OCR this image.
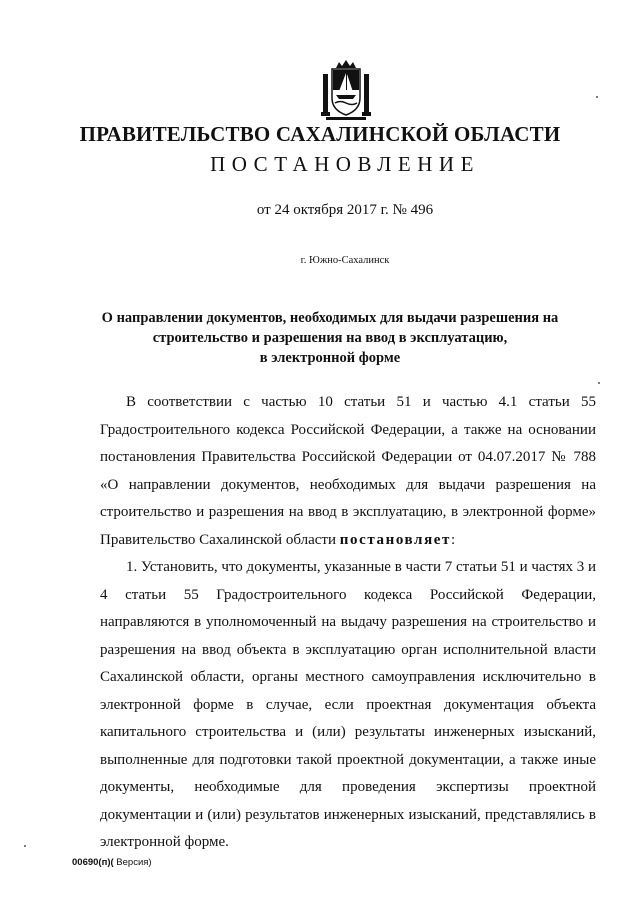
ПРАВИТЕЛЬСТВО САХАЛИНСКОЙ ОБЛАСТИ
ПОСТАНОВЛЕНИЕ
от 24 октября 2017 г. № 496
г. Южно-Сахалинск
О направлении документов, необходимых для выдачи разрешения на
строительство и разрешения на ввод в эксплуатацию,
в электронной форме

В соответствии с частью 10 статьи 51 и частью 4.1 статьи 55 Градостроительного кодекса Российской Федерации, а также на основании постановления Правительства Российской Федерации от 04.07.2017 № 788 «О направлении документов, необходимых для выдачи разрешения на строительство и разрешения на ввод в эксплуатацию, в электронной форме» Правительство Сахалинской области постановляет:

1. Установить, что документы, указанные в части 7 статьи 51 и частях 3 и 4 статьи 55 Градостроительного кодекса Российской Федерации, направляются в уполномоченный на выдачу разрешения на строительство и разрешения на ввод объекта в эксплуатацию орган исполнительной власти Сахалинской области, органы местного самоуправления исключительно в электронной форме в случае, если проектная документация объекта капитального строительства и (или) результаты инженерных изысканий, выполненные для подготовки такой проектной документации, а также иные документы, необходимые для проведения экспертизы проектной документации и (или) результатов инженерных изысканий, представлялись в электронной форме.

00690(п)( Версия)
